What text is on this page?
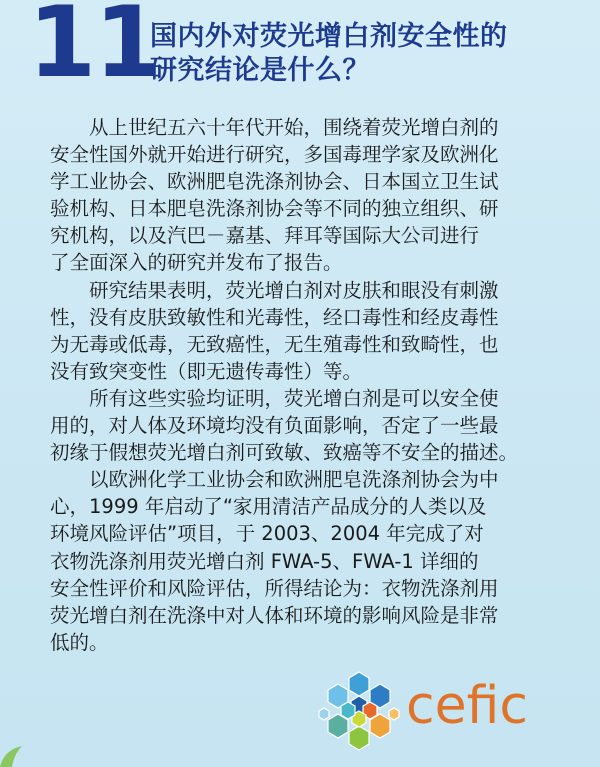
11
国内外对荧光增白剂安全性的
研究结论是什么？

从上世纪五六十年代开始，围绕着荧光增白剂的
安全性国外就开始进行研究，多国毒理学家及欧洲化
学工业协会、欧洲肥皂洗涤剂协会、日本国立卫生试
验机构、日本肥皂洗涤剂协会等不同的独立组织、研
究机构，以及汽巴－嘉基、拜耳等国际大公司进行
了全面深入的研究并发布了报告。

研究结果表明，荧光增白剂对皮肤和眼没有刺激
性，没有皮肤致敏性和光毒性，经口毒性和经皮毒性
为无毒或低毒，无致癌性，无生殖毒性和致畸性，也
没有致突变性（即无遗传毒性）等。

所有这些实验均证明，荧光增白剂是可以安全使
用的，对人体及环境均没有负面影响，否定了一些最
初缘于假想荧光增白剂可致敏、致癌等不安全的描述。

以欧洲化学工业协会和欧洲肥皂洗涤剂协会为中
心，1999 年启动了“家用清洁产品成分的人类以及
环境风险评估”项目，于 2003、2004 年完成了对
衣物洗涤剂用荧光增白剂 FWA-5、FWA-1 详细的
安全性评价和风险评估，所得结论为：衣物洗涤剂用
荧光增白剂在洗涤中对人体和环境的影响风险是非常
低的。

cefic
